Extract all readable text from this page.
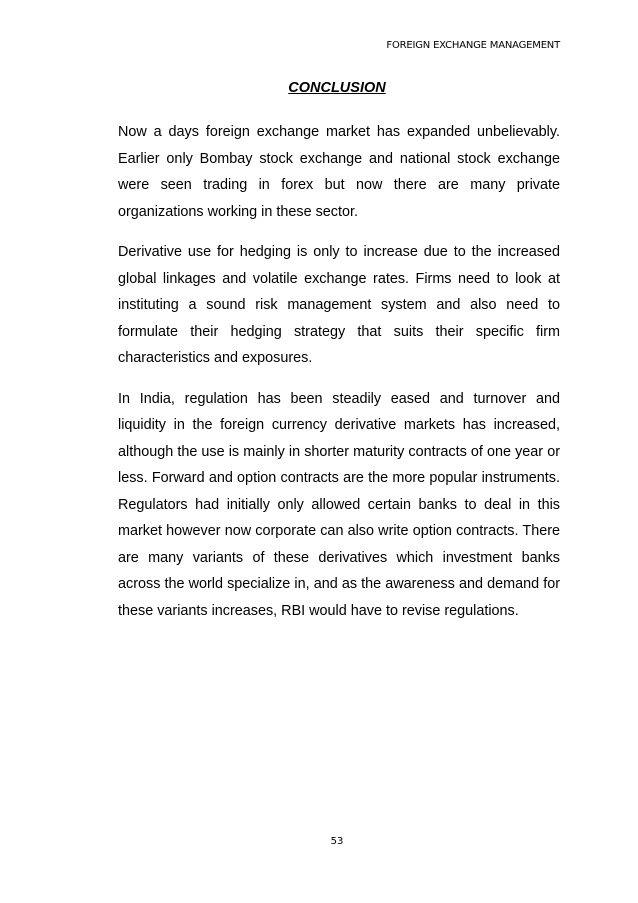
FOREIGN EXCHANGE MANAGEMENT
CONCLUSION

Now a days foreign exchange market has expanded unbelievably. Earlier only Bombay stock exchange and national stock exchange were seen trading in forex but now there are many private organizations working in these sector.

Derivative use for hedging is only to increase due to the increased global linkages and volatile exchange rates. Firms need to look at instituting a sound risk management system and also need to formulate their hedging strategy that suits their specific firm characteristics and exposures.

In India, regulation has been steadily eased and turnover and liquidity in the foreign currency derivative markets has increased, although the use is mainly in shorter maturity contracts of one year or less. Forward and option contracts are the more popular instruments. Regulators had initially only allowed certain banks to deal in this market however now corporate can also write option contracts. There are many variants of these derivatives which investment banks across the world specialize in, and as the awareness and demand for these variants increases, RBI would have to revise regulations.

53
